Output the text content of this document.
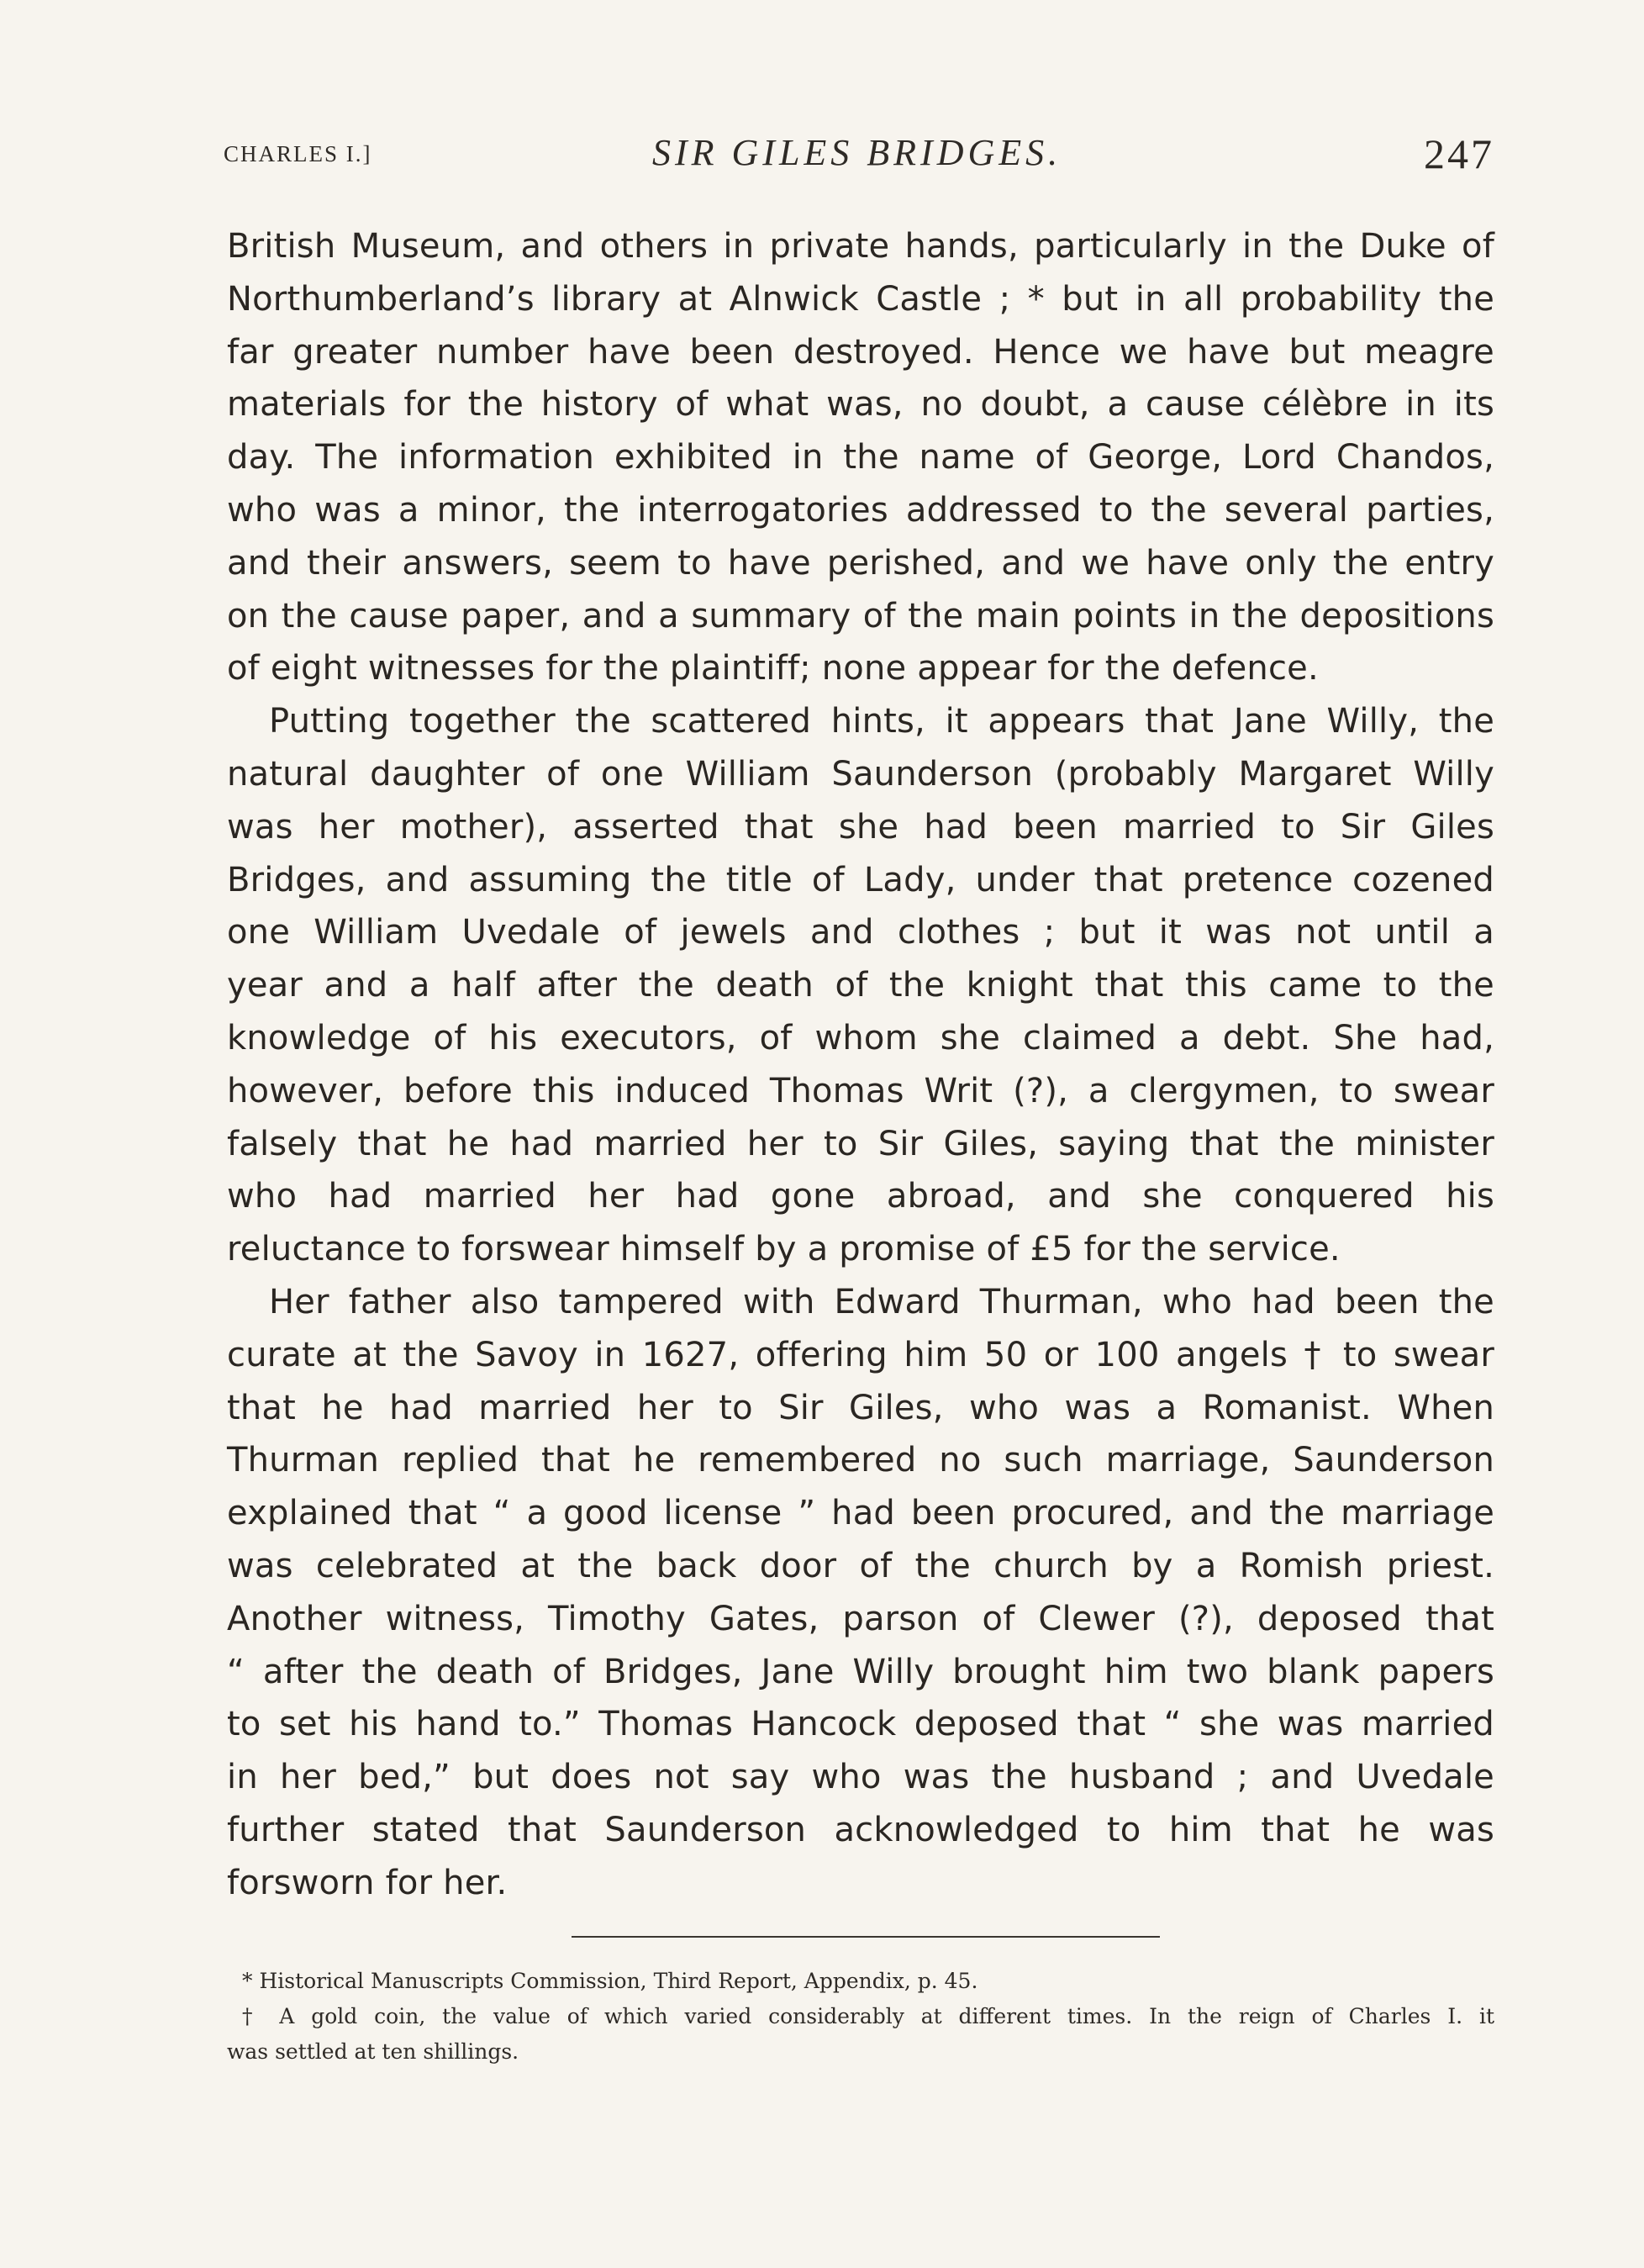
CHARLES I.]	SIR GILES BRIDGES.	247
British Museum, and others in private hands, particularly in the Duke of
Northumberland’s library at Alnwick Castle ; * but in all probability the
far greater number have been destroyed. Hence we have but meagre
materials for the history of what was, no doubt, a cause célèbre in its
day. The information exhibited in the name of George, Lord Chandos,
who was a minor, the interrogatories addressed to the several parties,
and their answers, seem to have perished, and we have only the entry
on the cause paper, and a summary of the main points in the depositions
of eight witnesses for the plaintiff; none appear for the defence.
Putting together the scattered hints, it appears that Jane Willy, the
natural daughter of one William Saunderson (probably Margaret Willy
was her mother), asserted that she had been married to Sir Giles
Bridges, and assuming the title of Lady, under that pretence cozened
one William Uvedale of jewels and clothes ; but it was not until a
year and a half after the death of the knight that this came to the
knowledge of his executors, of whom she claimed a debt. She had,
however, before this induced Thomas Writ (?), a clergymen, to swear
falsely that he had married her to Sir Giles, saying that the minister
who had married her had gone abroad, and she conquered his
reluctance to forswear himself by a promise of £5 for the service.
Her father also tampered with Edward Thurman, who had been the
curate at the Savoy in 1627, offering him 50 or 100 angels † to swear
that he had married her to Sir Giles, who was a Romanist. When
Thurman replied that he remembered no such marriage, Saunderson
explained that “ a good license ” had been procured, and the marriage
was celebrated at the back door of the church by a Romish priest.
Another witness, Timothy Gates, parson of Clewer (?), deposed that
“ after the death of Bridges, Jane Willy brought him two blank papers
to set his hand to.” Thomas Hancock deposed that “ she was married
in her bed,” but does not say who was the husband ; and Uvedale
further stated that Saunderson acknowledged to him that he was
forsworn for her.
* Historical Manuscripts Commission, Third Report, Appendix, p. 45.
† A gold coin, the value of which varied considerably at different times. In the reign of Charles I. it
was settled at ten shillings.
